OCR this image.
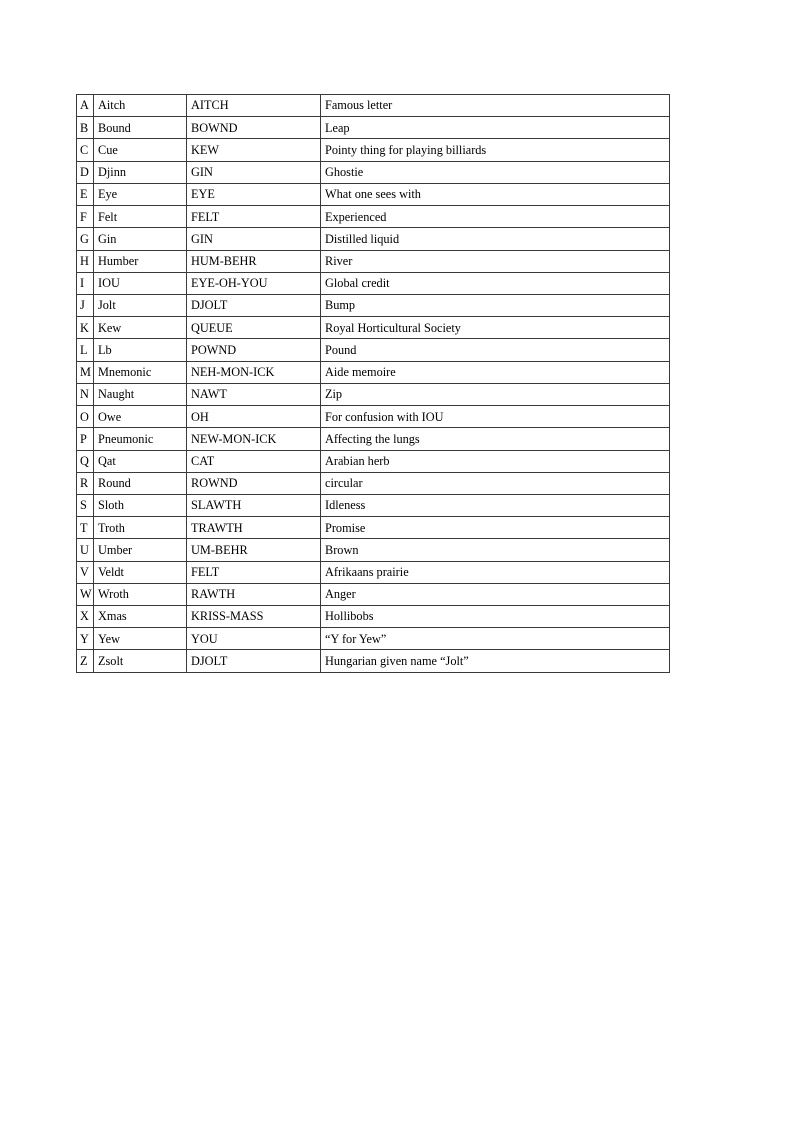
A	Aitch	AITCH	Famous letter
B	Bound	BOWND	Leap
C	Cue	KEW	Pointy thing for playing billiards
D	Djinn	GIN	Ghostie
E	Eye	EYE	What one sees with
F	Felt	FELT	Experienced
G	Gin	GIN	Distilled liquid
H	Humber	HUM-BEHR	River
I	IOU	EYE-OH-YOU	Global credit
J	Jolt	DJOLT	Bump
K	Kew	QUEUE	Royal Horticultural Society
L	Lb	POWND	Pound
M	Mnemonic	NEH-MON-ICK	Aide memoire
N	Naught	NAWT	Zip
O	Owe	OH	For confusion with IOU
P	Pneumonic	NEW-MON-ICK	Affecting the lungs
Q	Qat	CAT	Arabian herb
R	Round	ROWND	circular
S	Sloth	SLAWTH	Idleness
T	Troth	TRAWTH	Promise
U	Umber	UM-BEHR	Brown
V	Veldt	FELT	Afrikaans prairie
W	Wroth	RAWTH	Anger
X	Xmas	KRISS-MASS	Hollibobs
Y	Yew	YOU	“Y for Yew”
Z	Zsolt	DJOLT	Hungarian given name “Jolt”
